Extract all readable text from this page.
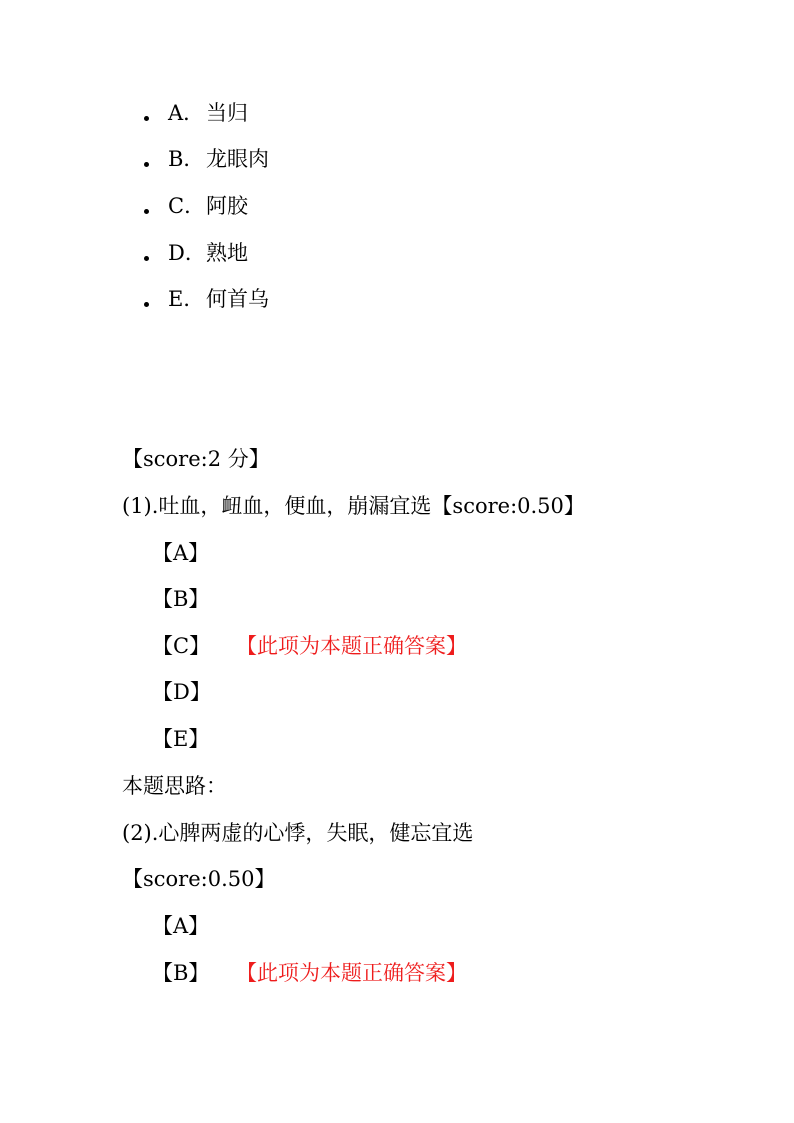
A．当归
B．龙眼肉
C．阿胶
D．熟地
E．何首乌
【score:2 分】
(1).吐血，衄血，便血，崩漏宜选【score:0.50】
【A】
【B】
【C】 【此项为本题正确答案】
【D】
【E】
本题思路：
(2).心脾两虚的心悸，失眠，健忘宜选
【score:0.50】
【A】
【B】 【此项为本题正确答案】
